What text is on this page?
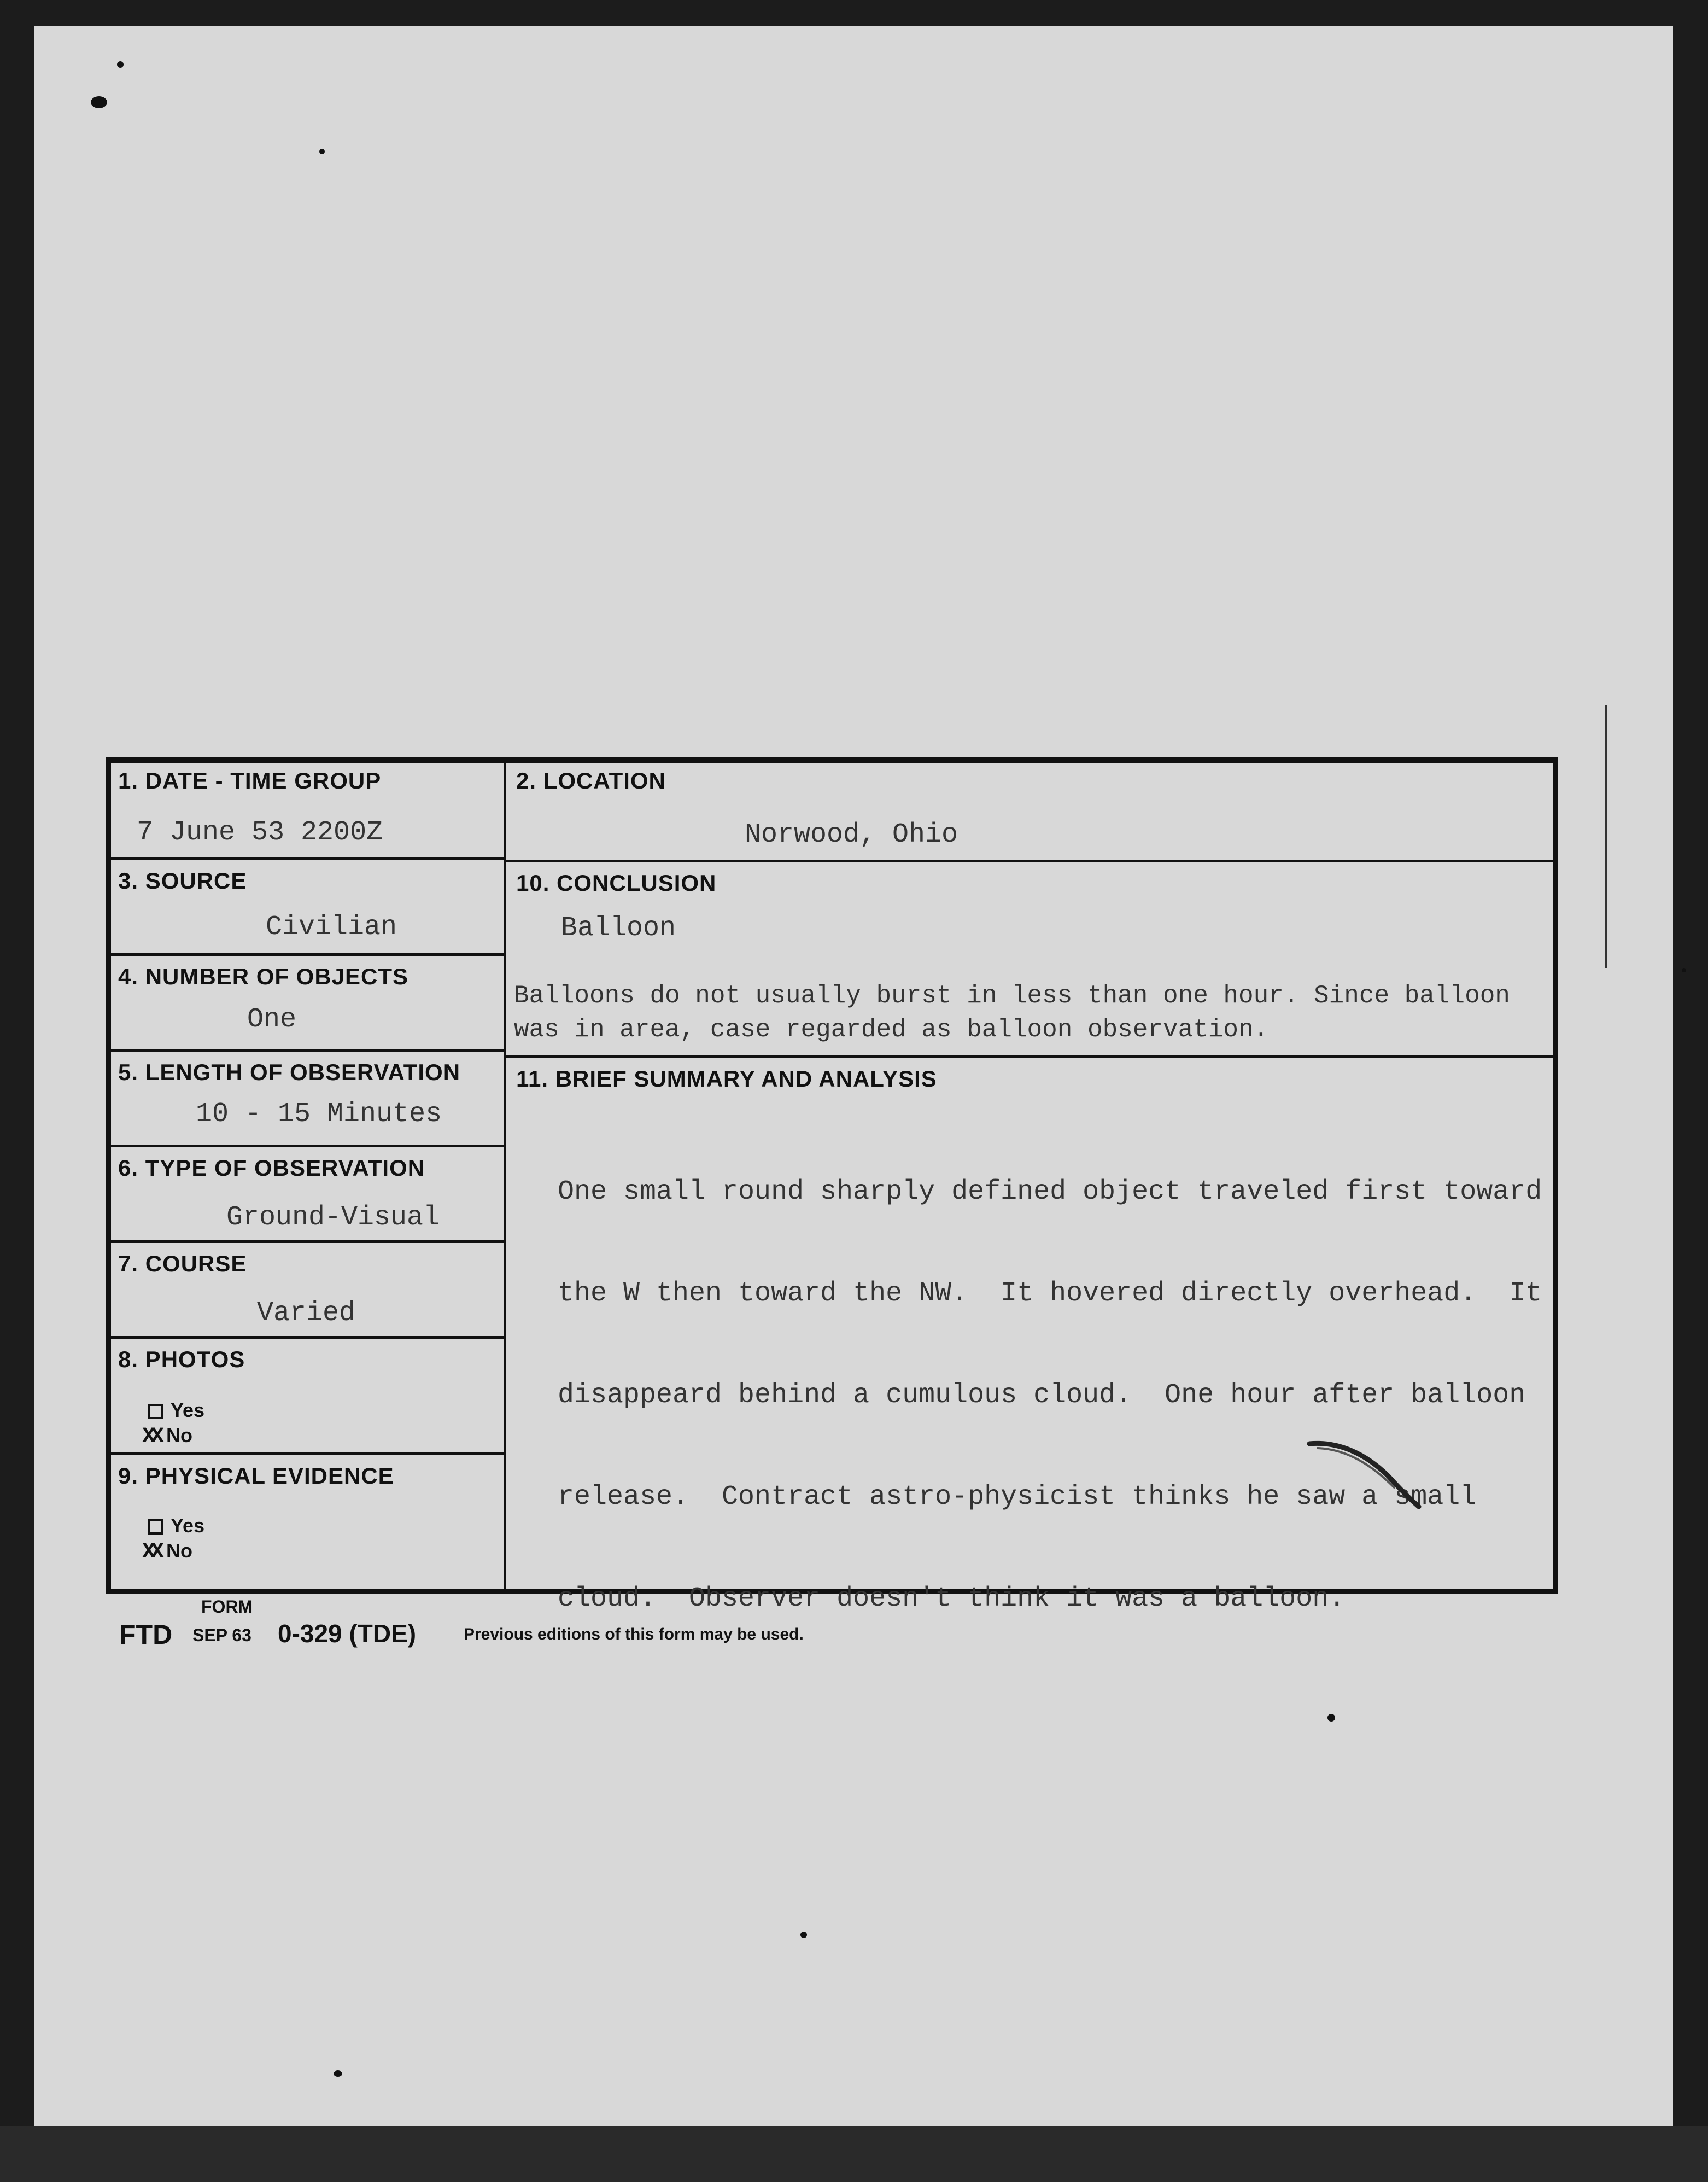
1. DATE - TIME GROUP
7 June 53 2200Z
3. SOURCE
Civilian
4. NUMBER OF OBJECTS
One
5. LENGTH OF OBSERVATION
10 - 15 Minutes
6. TYPE OF OBSERVATION
Ground-Visual
7. COURSE
Varied
8. PHOTOS
Yes
XX No
9. PHYSICAL EVIDENCE
Yes
XX No
2. LOCATION
Norwood, Ohio
10. CONCLUSION
Balloon
Balloons do not usually burst in less than one hour. Since balloon
was in area, case regarded as balloon observation.
11. BRIEF SUMMARY AND ANALYSIS

One small round sharply defined object traveled first toward

the W then toward the NW.  It hovered directly overhead.  It

disappeard behind a cumulous cloud.  One hour after balloon

release.  Contract astro-physicist thinks he saw a small

cloud.  Observer doesn't think it was a balloon.

FTD
FORM
SEP 63 0-329 (TDE)	Previous editions of this form may be used.
